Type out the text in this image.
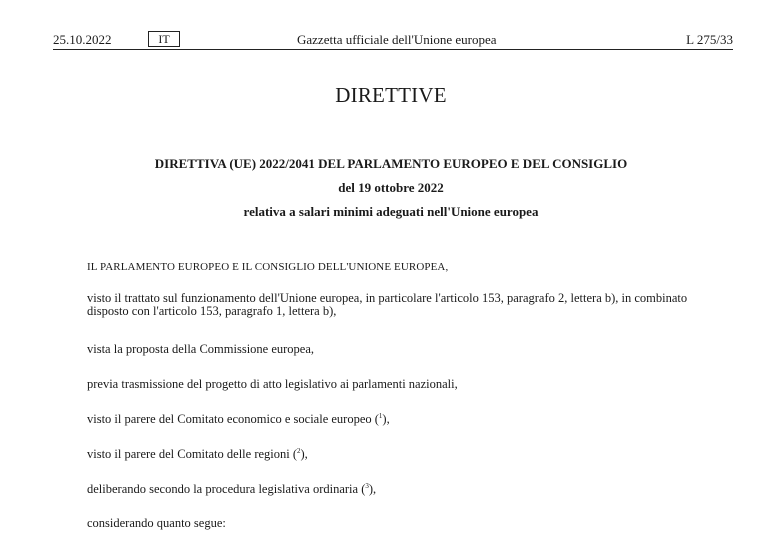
25.10.2022	IT	Gazzetta ufficiale dell'Unione europea	L 275/33
DIRETTIVE
DIRETTIVA (UE) 2022/2041 DEL PARLAMENTO EUROPEO E DEL CONSIGLIO
del 19 ottobre 2022
relativa a salari minimi adeguati nell'Unione europea
IL PARLAMENTO EUROPEO E IL CONSIGLIO DELL'UNIONE EUROPEA,
visto il trattato sul funzionamento dell'Unione europea, in particolare l'articolo 153, paragrafo 2, lettera b), in combinato
disposto con l'articolo 153, paragrafo 1, lettera b),
vista la proposta della Commissione europea,
previa trasmissione del progetto di atto legislativo ai parlamenti nazionali,
visto il parere del Comitato economico e sociale europeo ($^1$),
visto il parere del Comitato delle regioni ($^2$),
deliberando secondo la procedura legislativa ordinaria ($^3$),
considerando quanto segue:
